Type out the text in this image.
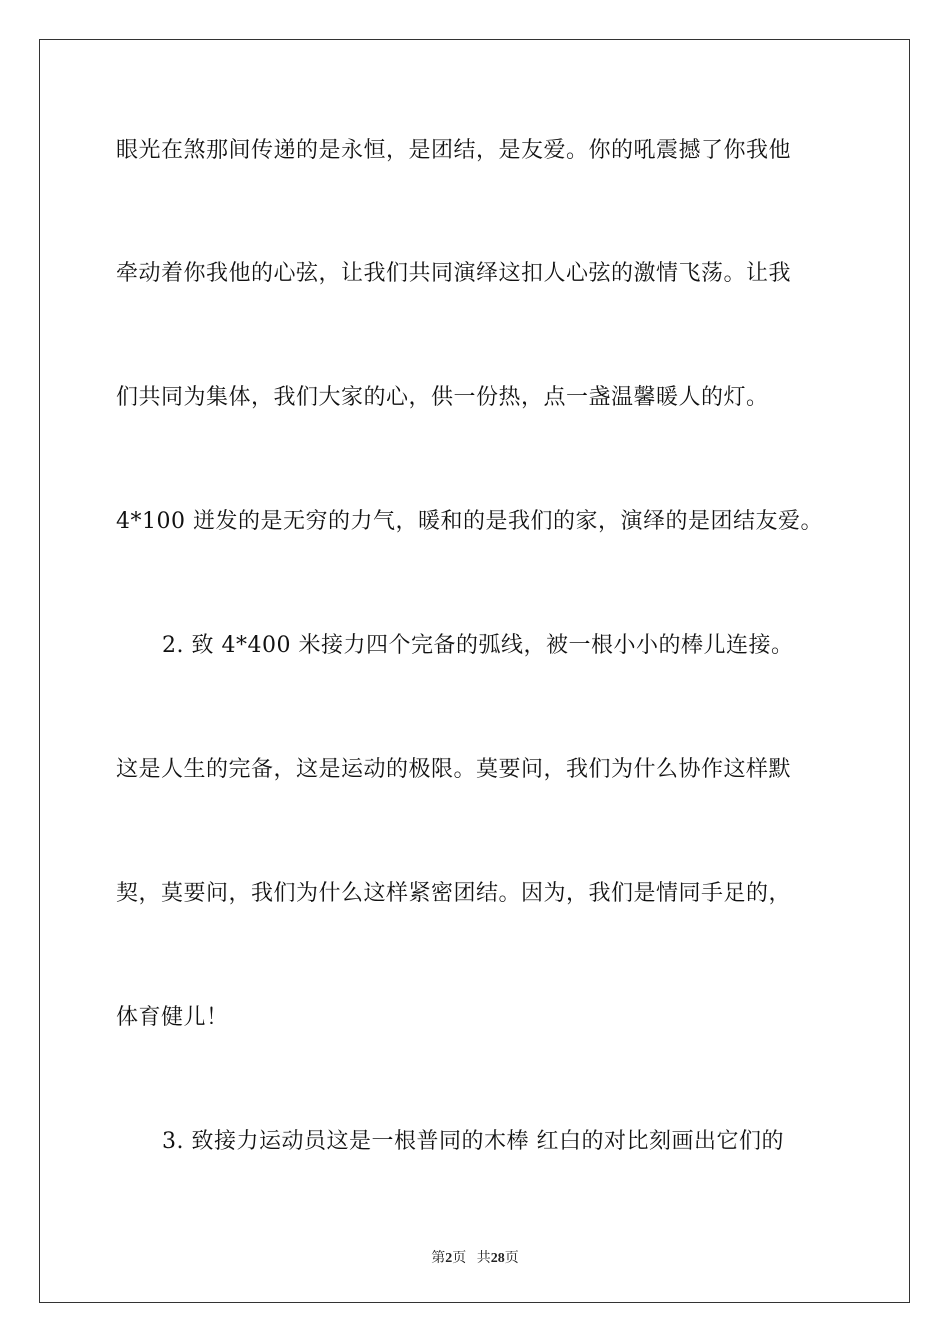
眼光在煞那间传递的是永恒，是团结，是友爱。你的吼震撼了你我他
牵动着你我他的心弦，让我们共同演绎这扣人心弦的激情飞荡。让我
们共同为集体，我们大家的心，供一份热，点一盏温馨暖人的灯。
4*100 迸发的是无穷的力气，暖和的是我们的家，演绎的是团结友爱。
2. 致 4*400 米接力四个完备的弧线，被一根小小的棒儿连接。
这是人生的完备，这是运动的极限。莫要问，我们为什么协作这样默
契，莫要问，我们为什么这样紧密团结。因为，我们是情同手足的，
体育健儿！
3. 致接力运动员这是一根普同的木棒 红白的对比刻画出它们的
第2页 共28页
